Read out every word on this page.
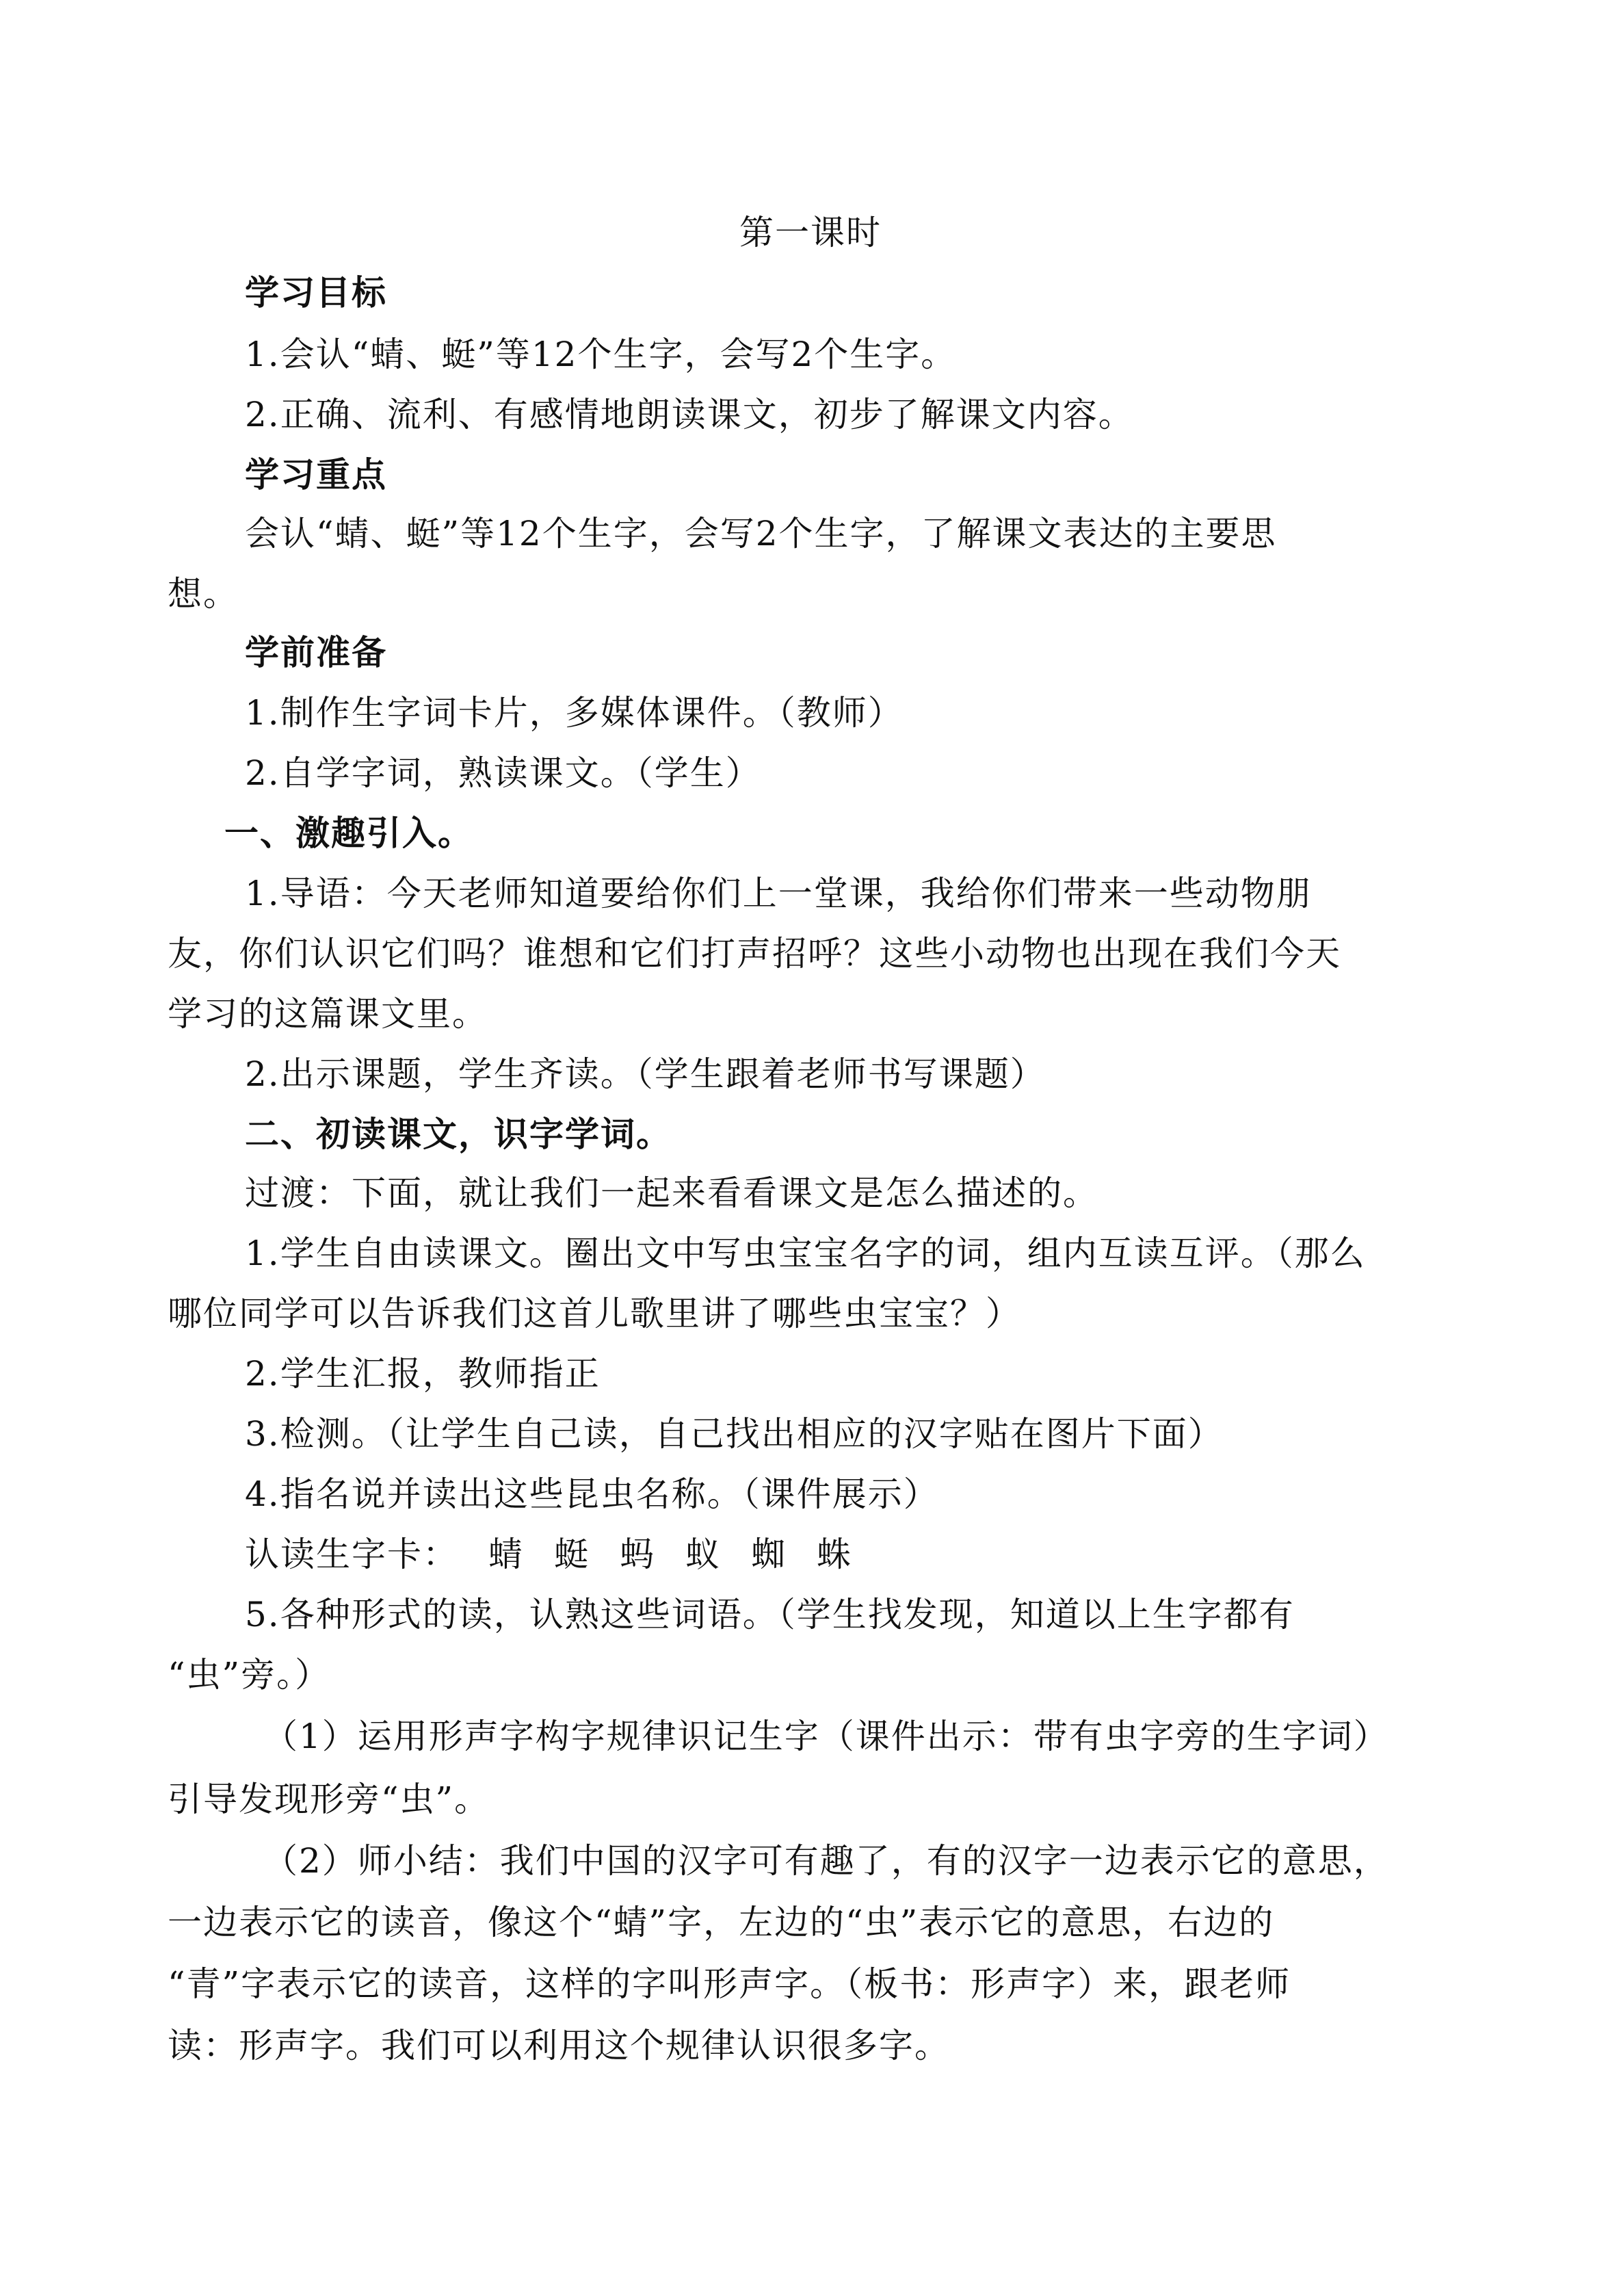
第一课时
学习目标
1.会认“蜻、蜓”等12个生字，会写2个生字。
2.正确、流利、有感情地朗读课文，初步了解课文内容。
学习重点
会认“蜻、蜓”等12个生字，会写2个生字，了解课文表达的主要思
想。
学前准备
1.制作生字词卡片，多媒体课件。（教师）
2.自学字词，熟读课文。（学生）
一、激趣引入。
1.导语：今天老师知道要给你们上一堂课，我给你们带来一些动物朋
友，你们认识它们吗？谁想和它们打声招呼？这些小动物也出现在我们今天
学习的这篇课文里。
2.出示课题，学生齐读。（学生跟着老师书写课题）
二、初读课文，识字学词。
过渡：下面，就让我们一起来看看课文是怎么描述的。
1.学生自由读课文。圈出文中写虫宝宝名字的词，组内互读互评。（那么
哪位同学可以告诉我们这首儿歌里讲了哪些虫宝宝？）
2.学生汇报，教师指正
3.检测。（让学生自己读，自己找出相应的汉字贴在图片下面）
4.指名说并读出这些昆虫名称。（课件展示）
认读生字卡： 蜻 蜓 蚂 蚁 蜘 蛛
5.各种形式的读，认熟这些词语。（学生找发现，知道以上生字都有
“虫”旁。）
（1）运用形声字构字规律识记生字（课件出示：带有虫字旁的生字词）
引导发现形旁“虫”。
（2）师小结：我们中国的汉字可有趣了，有的汉字一边表示它的意思，
一边表示它的读音，像这个“蜻”字，左边的“虫”表示它的意思，右边的
“青”字表示它的读音，这样的字叫形声字。（板书：形声字）来，跟老师
读：形声字。我们可以利用这个规律认识很多字。
